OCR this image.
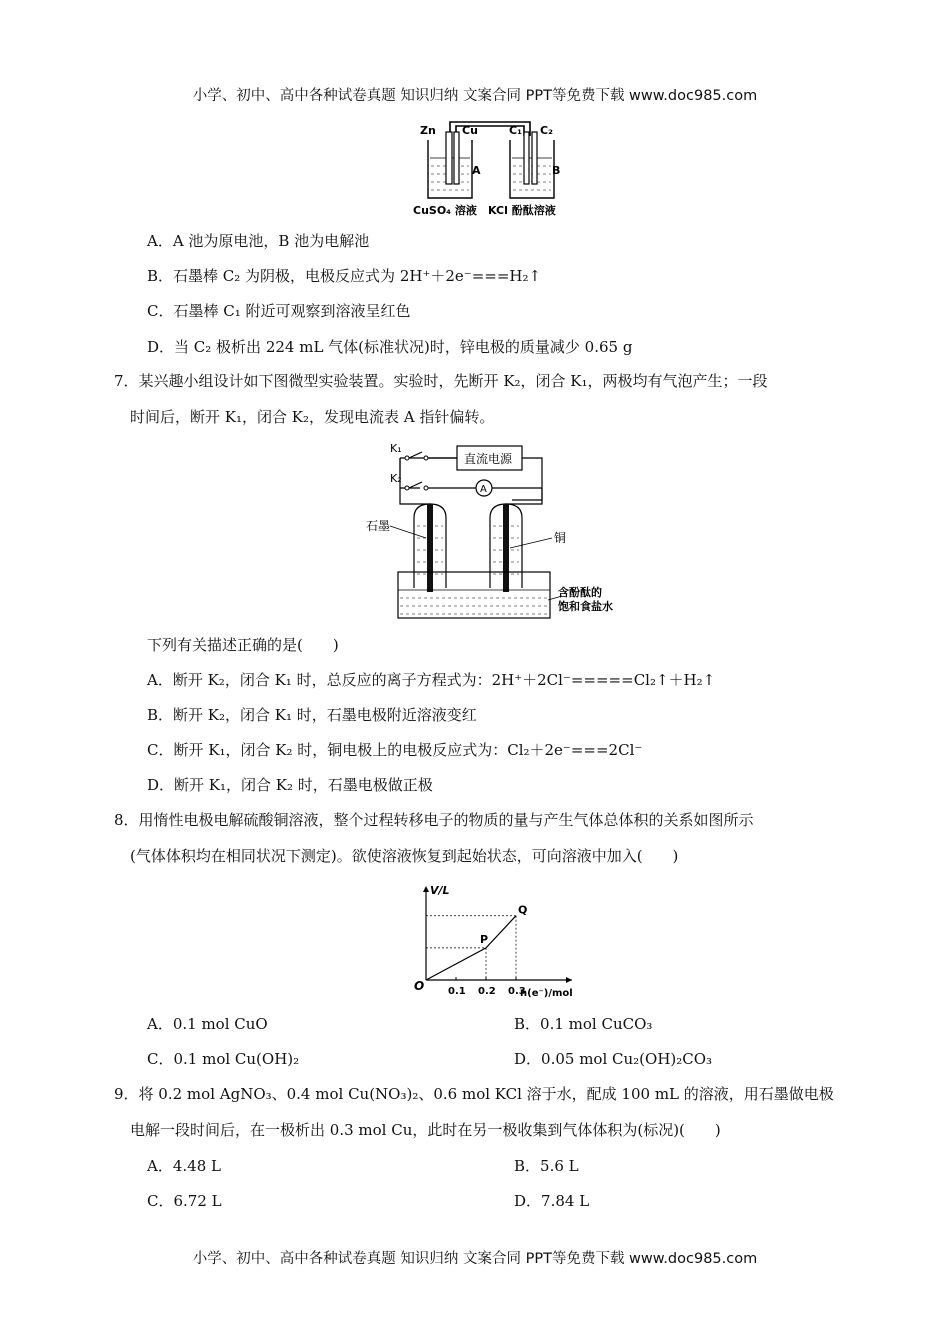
小学、初中、高中各种试卷真题 知识归纳 文案合同 PPT等免费下载 www.doc985.com
Zn Cu	C₁ C₂
A	B
CuSO₄ 溶液 KCl 酚酞溶液
A．A 池为原电池，B 池为电解池
B．石墨棒 C₂ 为阴极，电极反应式为 2H⁺＋2e⁻===H₂↑
C．石墨棒 C₁ 附近可观察到溶液呈红色
D．当 C₂ 极析出 224 mL 气体(标准状况)时，锌电极的质量减少 0.65 g
7．某兴趣小组设计如下图微型实验装置。实验时，先断开 K₂，闭合 K₁，两极均有气泡产生；一段
时间后，断开 K₁，闭合 K₂，发现电流表 A 指针偏转。
直流电源
A
K₁
K₂
石墨
铜
含酚酞的
饱和食盐水
下列有关描述正确的是(　　)
A．断开 K₂，闭合 K₁ 时，总反应的离子方程式为：2H⁺＋2Cl⁻=====Cl₂↑＋H₂↑
B．断开 K₂，闭合 K₁ 时，石墨电极附近溶液变红
C．断开 K₁，闭合 K₂ 时，铜电极上的电极反应式为：Cl₂＋2e⁻===2Cl⁻
D．断开 K₁，闭合 K₂ 时，石墨电极做正极
8．用惰性电极电解硫酸铜溶液，整个过程转移电子的物质的量与产生气体总体积的关系如图所示
(气体体积均在相同状况下测定)。欲使溶液恢复到起始状态，可向溶液中加入(　　)
0.1 0.2 0.3
P
Q
O
V/L
n(e⁻)/mol
A．0.1 mol CuO	B．0.1 mol CuCO₃
C．0.1 mol Cu(OH)₂	D．0.05 mol Cu₂(OH)₂CO₃
9．将 0.2 mol AgNO₃、0.4 mol Cu(NO₃)₂、0.6 mol KCl 溶于水，配成 100 mL 的溶液，用石墨做电极
电解一段时间后，在一极析出 0.3 mol Cu，此时在另一极收集到气体体积为(标况)(　　)
A．4.48 L	B．5.6 L
C．6.72 L	D．7.84 L
小学、初中、高中各种试卷真题 知识归纳 文案合同 PPT等免费下载 www.doc985.com
